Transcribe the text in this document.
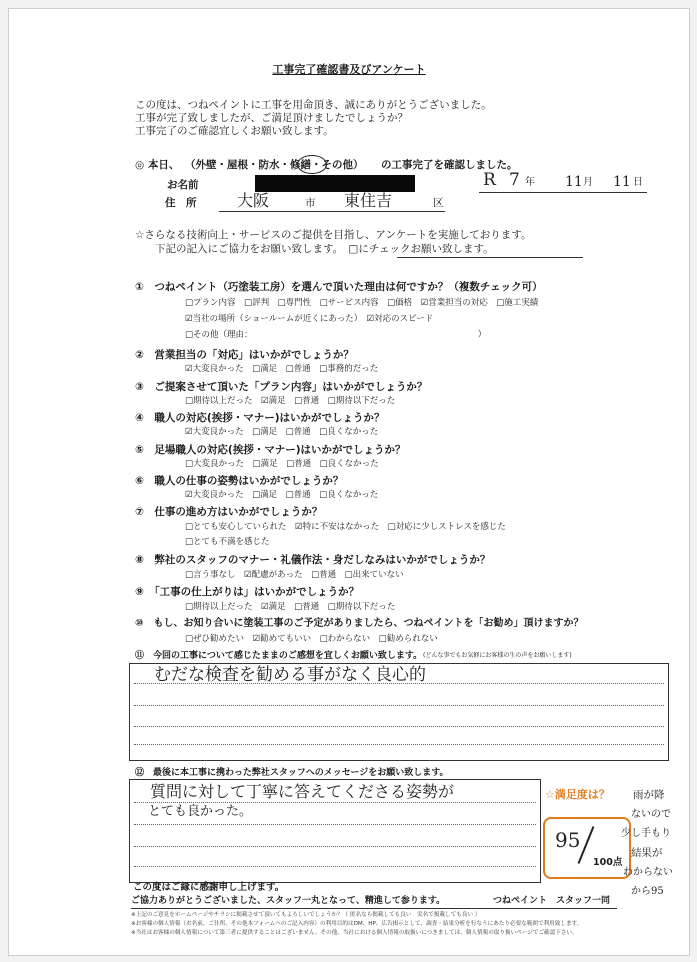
工事完了確認書及びアンケート
この度は、つねペイントに工事を用命頂き、誠にありがとうございました。
工事が完了致しましたが、ご満足頂けましたでしょうか？
工事完了のご確認宜しくお願い致します。
◎ 本日、 （外壁・屋根・防水・修繕・その他） の工事完了を確認しました。
お名前
住　所	大阪	市 東住吉	区
R 7 年 11 月 11 日
☆さらなる技術向上・サービスのご提供を目指し、アンケートを実施しております。
下記の記入にご協力をお願い致します。　□にチェックお願い致します。
①　つねペイント（巧塗装工房）を選んで頂いた理由は何ですか？（複数チェック可）
□プラン内容　□評判　□専門性　□サービス内容　□価格　☑営業担当の対応　□施工実績
☑当社の場所（ショールームが近くにあった）　☑対応のスピード
□その他（理由：　　　　　　　　　　　　　　　　　　　　　　　　　　　）
②　営業担当の「対応」はいかがでしょうか？
☑大変良かった　□満足　□普通　□事務的だった
③　ご提案させて頂いた「プラン内容」はいかがでしょうか？
□期待以上だった　☑満足　□普通　□期待以下だった
④　職人の対応(挨拶・マナー)はいかがでしょうか？
☑大変良かった　□満足　□普通　□良くなかった
⑤　足場職人の対応(挨拶・マナー)はいかがでしょうか？
□大変良かった　□満足　□普通　□良くなかった
⑥　職人の仕事の姿勢はいかがでしょうか？
☑大変良かった　□満足　□普通　□良くなかった
⑦　仕事の進め方はいかがでしょうか？
□とても安心していられた　☑特に不安はなかった　□対応に少しストレスを感じた
□とても不満を感じた
⑧　弊社のスタッフのマナー・礼儀作法・身だしなみはいかがでしょうか？
□言う事なし　☑配慮があった　□普通　□出来ていない
⑨　「工事の仕上がりは」はいかがでしょうか？
□期待以上だった　☑満足　□普通　□期待以下だった
⑩　もし、お知り合いに塗装工事のご予定がありましたら、つねペイントを「お勧め」頂けますか？
□ぜひ勧めたい　☑勧めてもいい　□わからない　□勧められない
⑪　今回の工事について感じたままのご感想を宜しくお願い致します。 (どんな事でもお気軽にお客様の生の声をお願いします)
むだな検査を勧める事がなく良心的
⑫　最後に本工事に携わった弊社スタッフへのメッセージをお願い致します。
質問に対して丁寧に答えてくださる姿勢が
とても良かった。
☆満足度は？
95
100点
雨が降
ないので
少し手もり
結果が
わからない
から95
この度はご縁に感謝申し上げます。
ご協力ありがとうございました、スタッフ一丸となって、精進して参ります。	つねペイント　スタッフ一同
※上記のご意見をホームページやチラシに掲載させて頂いてもよろしいでしょうか？（ 匿名なら掲載しても良い　実名で掲載しても良い ）
※お客様の個人情報（お名前、ご住所、その他本フォームへのご記入内容）の利用目的はDM、HP、広告掲示として、調査・結果分析を行なうにあたり必要な範囲で利用致します。
※当社はお客様の個人情報について第三者に提供することはございません。その他、当社における個人情報の取扱いにつきましては、個人情報の取り扱いページでご確認下さい。
